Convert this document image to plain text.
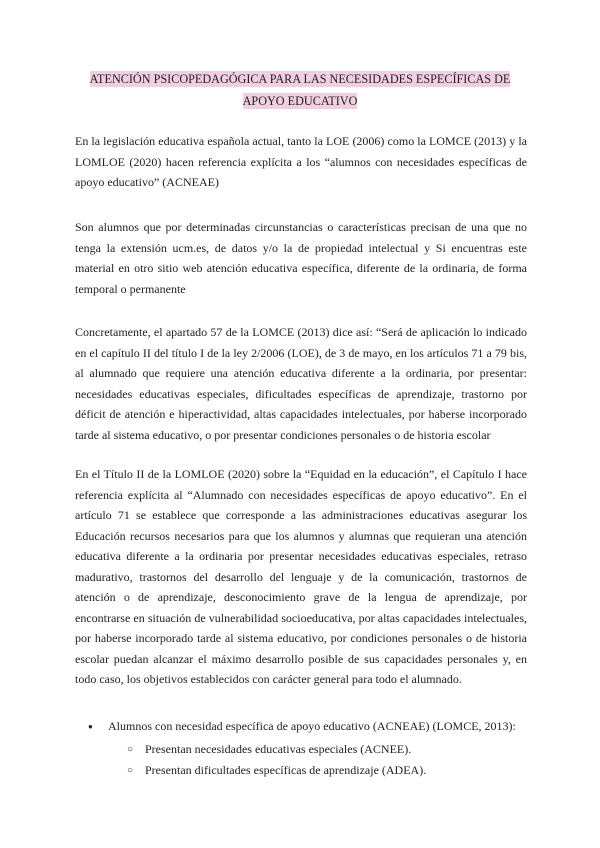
ATENCIÓN PSICOPEDAGÓGICA PARA LAS NECESIDADES ESPECÍFICAS DE
APOYO EDUCATIVO

En la legislación educativa española actual, tanto la LOE (2006) como la LOMCE (2013) y la LOMLOE (2020) hacen referencia explícita a los “alumnos con necesidades específicas de apoyo educativo” (ACNEAE)

Son alumnos que por determinadas circunstancias o características precisan de una que no tenga la extensión ucm.es, de datos y/o la de propiedad intelectual y Si encuentras este material en otro sitio web atención educativa específica, diferente de la ordinaria, de forma temporal o permanente

Concretamente, el apartado 57 de la LOMCE (2013) dice así: “Será de aplicación lo indicado en el capítulo II del título I de la ley 2/2006 (LOE), de 3 de mayo, en los artículos 71 a 79 bis, al alumnado que requiere una atención educativa diferente a la ordinaria, por presentar: necesidades educativas especiales, dificultades específicas de aprendizaje, trastorno por déficit de atención e hiperactividad, altas capacidades intelectuales, por haberse incorporado tarde al sistema educativo, o por presentar condiciones personales o de historia escolar

En el Título II de la LOMLOE (2020) sobre la “Equidad en la educación”, el Capítulo I hace referencia explícita al “Alumnado con necesidades específicas de apoyo educativo”. En el artículo 71 se establece que corresponde a las administraciones educativas asegurar los Educación recursos necesarios para que los alumnos y alumnas que requieran una atención educativa diferente a la ordinaria por presentar necesidades educativas especiales, retraso madurativo, trastornos del desarrollo del lenguaje y de la comunicación, trastornos de atención o de aprendizaje, desconocimiento grave de la lengua de aprendizaje, por encontrarse en situación de vulnerabilidad socioeducativa, por altas capacidades intelectuales, por haberse incorporado tarde al sistema educativo, por condiciones personales o de historia escolar puedan alcanzar el máximo desarrollo posible de sus capacidades personales y, en todo caso, los objetivos establecidos con carácter general para todo el alumnado.

● Alumnos con necesidad específica de apoyo educativo (ACNEAE) (LOMCE, 2013):
○ Presentan necesidades educativas especiales (ACNEE).
○ Presentan dificultades específicas de aprendizaje (ADEA).
